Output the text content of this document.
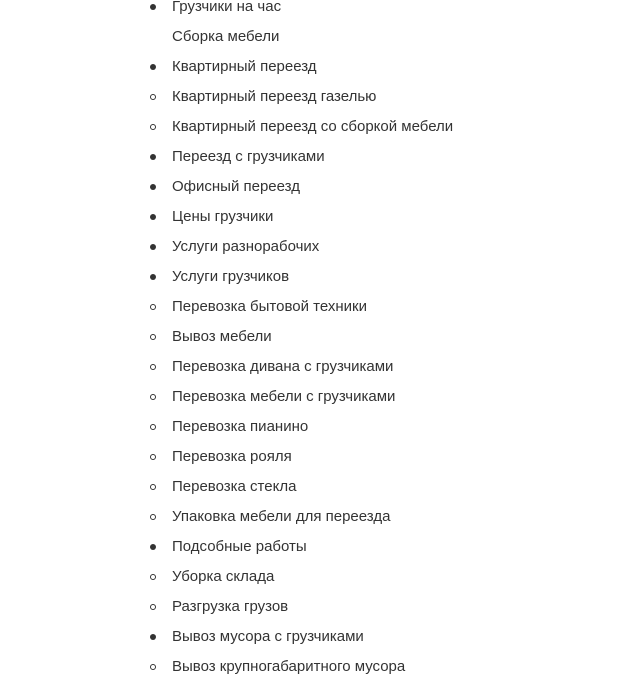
Грузчики на час
Сборка мебели
Квартирный переезд
Квартирный переезд газелью
Квартирный переезд со сборкой мебели
Переезд с грузчиками
Офисный переезд
Цены грузчики
Услуги разнорабочих
Услуги грузчиков
Перевозка бытовой техники
Вывоз мебели
Перевозка дивана с грузчиками
Перевозка мебели с грузчиками
Перевозка пианино
Перевозка рояля
Перевозка стекла
Упаковка мебели для переезда
Подсобные работы
Уборка склада
Разгрузка грузов
Вывоз мусора с грузчиками
Вывоз крупногабаритного мусора
